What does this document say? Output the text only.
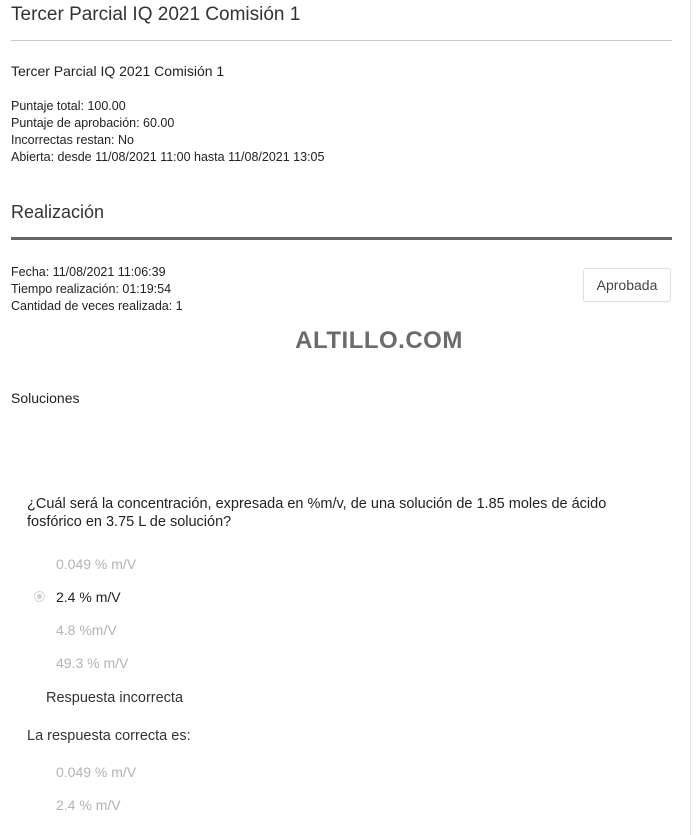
Tercer Parcial IQ 2021 Comisión 1
Tercer Parcial IQ 2021 Comisión 1
Puntaje total: 100.00
Puntaje de aprobación: 60.00
Incorrectas restan: No
Abierta: desde 11/08/2021 11:00 hasta 11/08/2021 13:05
Realización
Fecha: 11/08/2021 11:06:39
Tiempo realización: 01:19:54
Cantidad de veces realizada: 1
Aprobada
ALTILLO.COM
Soluciones
¿Cuál será la concentración, expresada en %m/v, de una solución de 1.85 moles de ácido fosfórico en 3.75 L de solución?
0.049 % m/V
2.4 % m/V
4.8 %m/V
49.3 % m/V
Respuesta incorrecta
La respuesta correcta es:
0.049 % m/V
2.4 % m/V
